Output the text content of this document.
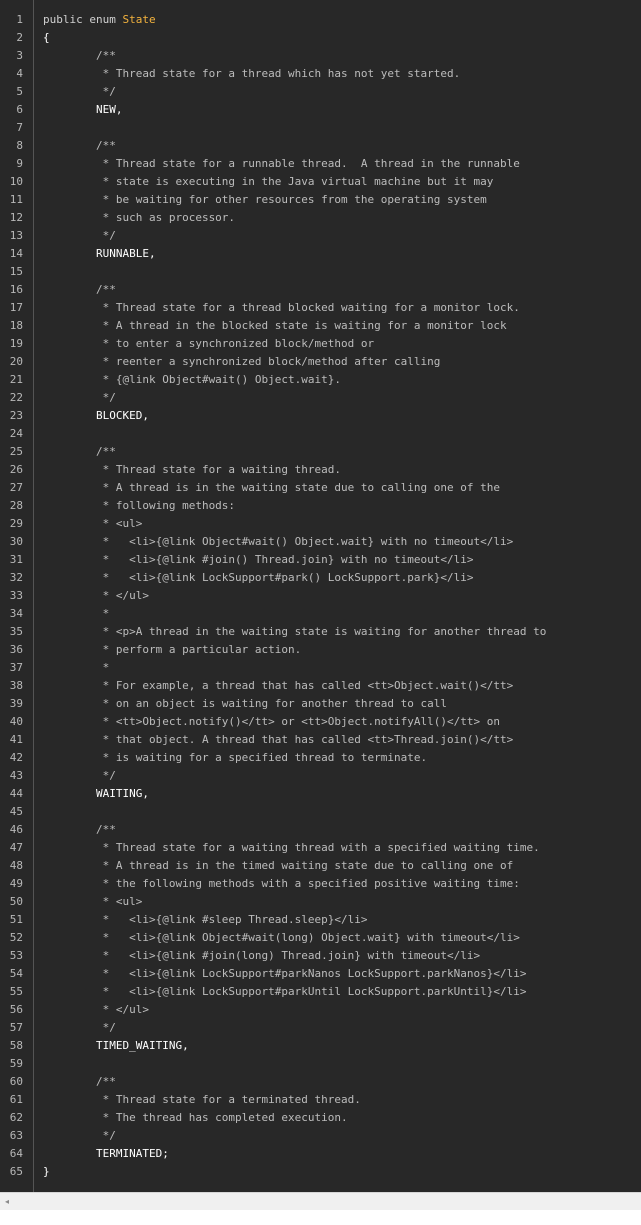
1
2
3
4
5
6
7
8
9
10
11
12
13
14
15
16
17
18
19
20
21
22
23
24
25
26
27
28
29
30
31
32
33
34
35
36
37
38
39
40
41
42
43
44
45
46
47
48
49
50
51
52
53
54
55
56
57
58
59
60
61
62
63
64
65
public enum State
{
/**
* Thread state for a thread which has not yet started.
*/
NEW,
/**
* Thread state for a runnable thread.  A thread in the runnable
* state is executing in the Java virtual machine but it may
* be waiting for other resources from the operating system
* such as processor.
*/
RUNNABLE,
/**
* Thread state for a thread blocked waiting for a monitor lock.
* A thread in the blocked state is waiting for a monitor lock
* to enter a synchronized block/method or
* reenter a synchronized block/method after calling
* {@link Object#wait() Object.wait}.
*/
BLOCKED,
/**
* Thread state for a waiting thread.
* A thread is in the waiting state due to calling one of the
* following methods:
* <ul>
*   <li>{@link Object#wait() Object.wait} with no timeout</li>
*   <li>{@link #join() Thread.join} with no timeout</li>
*   <li>{@link LockSupport#park() LockSupport.park}</li>
* </ul>
*
* <p>A thread in the waiting state is waiting for another thread to
* perform a particular action.
*
* For example, a thread that has called <tt>Object.wait()</tt>
* on an object is waiting for another thread to call
* <tt>Object.notify()</tt> or <tt>Object.notifyAll()</tt> on
* that object. A thread that has called <tt>Thread.join()</tt>
* is waiting for a specified thread to terminate.
*/
WAITING,
/**
* Thread state for a waiting thread with a specified waiting time.
* A thread is in the timed waiting state due to calling one of
* the following methods with a specified positive waiting time:
* <ul>
*   <li>{@link #sleep Thread.sleep}</li>
*   <li>{@link Object#wait(long) Object.wait} with timeout</li>
*   <li>{@link #join(long) Thread.join} with timeout</li>
*   <li>{@link LockSupport#parkNanos LockSupport.parkNanos}</li>
*   <li>{@link LockSupport#parkUntil LockSupport.parkUntil}</li>
* </ul>
*/
TIMED_WAITING,
/**
* Thread state for a terminated thread.
* The thread has completed execution.
*/
TERMINATED;
}
◂
